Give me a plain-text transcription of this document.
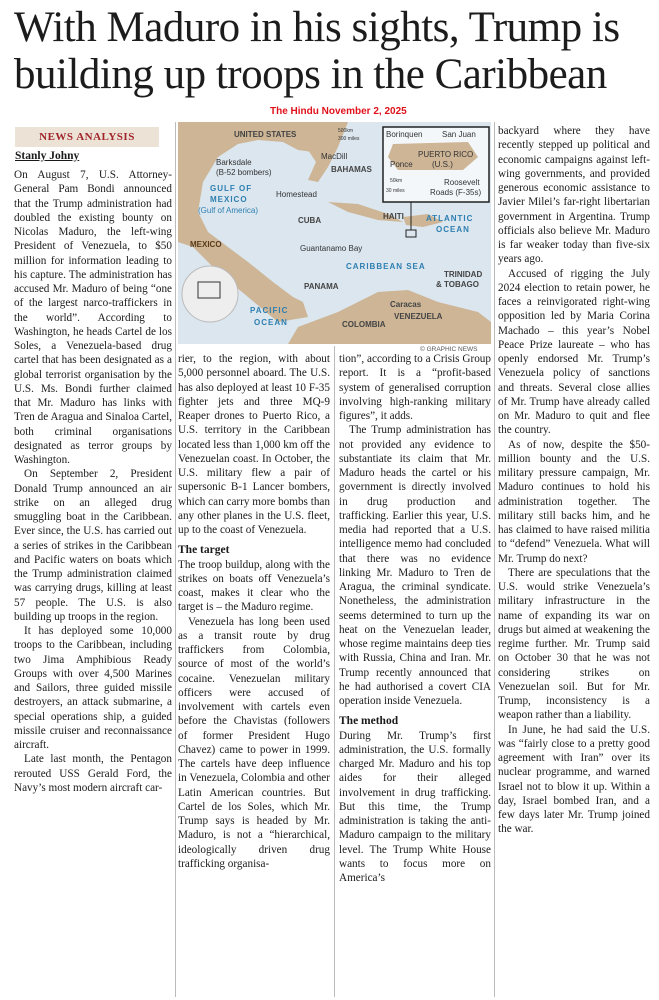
With Maduro in his sights, Trump is building up troops in the Caribbean
The Hindu November 2, 2025
NEWS ANALYSIS
Stanly Johny
UNITED STATES	500km
300 miles
Barksdale
(B-52 bombers)
MacDill
BAHAMAS
Homestead
GULF OF
MEXICO
(Gulf of America)
CUBA
MEXICO	Guantanamo Bay
HAITI	ATLANTIC
OCEAN
CARIBBEAN SEA
PANAMA
TRINIDAD
& TOBAGO
Caracas
VENEZUELA
COLOMBIA
PACIFIC
OCEAN
Borinquen San Juan
PUERTO RICO
(U.S.)
Ponce
50km
30 miles
Roosevelt
Roads (F-35s)
© GRAPHIC NEWS

On August 7, U.S. Attorney-General Pam Bondi announced that the Trump administration had doubled the existing bounty on Nicolas Maduro, the left-wing President of Venezuela, to $50 million for information leading to his capture. The administration has accused Mr. Maduro of being “one of the largest narco-traffickers in the world”. According to Washington, he heads Cartel de los Soles, a Venezuela-based drug cartel that has been designated as a global terrorist organisation by the U.S. Ms. Bondi further claimed that Mr. Maduro has links with Tren de Aragua and Sinaloa Cartel, both criminal organisations designated as terror groups by Washington.

On September 2, President Donald Trump announced an air strike on an alleged drug smuggling boat in the Caribbean. Ever since, the U.S. has carried out a series of strikes in the Caribbean and Pacific waters on boats which the Trump administration claimed was carrying drugs, killing at least 57 people. The U.S. is also building up troops in the region.

It has deployed some 10,000 troops to the Caribbean, including two Jima Amphibious Ready Groups with over 4,500 Marines and Sailors, three guided missile destroyers, an attack submarine, a special operations ship, a guided missile cruiser and reconnaissance aircraft.

Late last month, the Pentagon rerouted USS Gerald Ford, the Navy’s most modern aircraft car-

rier, to the region, with about 5,000 personnel aboard. The U.S. has also deployed at least 10 F-35 fighter jets and three MQ-9 Reaper drones to Puerto Rico, a U.S. territory in the Caribbean located less than 1,000 km off the Venezuelan coast. In October, the U.S. military flew a pair of supersonic B-1 Lancer bombers, which can carry more bombs than any other planes in the U.S. fleet, up to the coast of Venezuela.

The target

The troop buildup, along with the strikes on boats off Venezuela’s coast, makes it clear who the target is – the Maduro regime.

Venezuela has long been used as a transit route by drug traffickers from Colombia, source of most of the world’s cocaine. Venezuelan military officers were accused of involvement with cartels even before the Chavistas (followers of former President Hugo Chavez) came to power in 1999. The cartels have deep influence in Venezuela, Colombia and other Latin American countries. But Cartel de los Soles, which Mr. Trump says is headed by Mr. Maduro, is not a “hierarchical, ideologically driven drug trafficking organisa-

tion”, according to a Crisis Group report. It is a “profit-based system of generalised corruption involving high-ranking military figures”, it adds.

The Trump administration has not provided any evidence to substantiate its claim that Mr. Maduro heads the cartel or his government is directly involved in drug production and trafficking. Earlier this year, U.S. media had reported that a U.S. intelligence memo had concluded that there was no evidence linking Mr. Maduro to Tren de Aragua, the criminal syndicate. Nonetheless, the administration seems determined to turn up the heat on the Venezuelan leader, whose regime maintains deep ties with Russia, China and Iran. Mr. Trump recently announced that he had authorised a covert CIA operation inside Venezuela.

The method

During Mr. Trump’s first administration, the U.S. formally charged Mr. Maduro and his top aides for their alleged involvement in drug trafficking. But this time, the Trump administration is taking the anti-Maduro campaign to the military level. The Trump White House wants to focus more on America’s

backyard where they have recently stepped up political and economic campaigns against left-wing governments, and provided generous economic assistance to Javier Milei’s far-right libertarian government in Argentina. Trump officials also believe Mr. Maduro is far weaker today than five-six years ago.

Accused of rigging the July 2024 election to retain power, he faces a reinvigorated right-wing opposition led by Maria Corina Machado – this year’s Nobel Peace Prize laureate – who has openly endorsed Mr. Trump’s Venezuela policy of sanctions and threats. Several close allies of Mr. Trump have already called on Mr. Maduro to quit and flee the country.

As of now, despite the $50-million bounty and the U.S. military pressure campaign, Mr. Maduro continues to hold his administration together. The military still backs him, and he has claimed to have raised militia to “defend” Venezuela. What will Mr. Trump do next?

There are speculations that the U.S. would strike Venezuela’s military infrastructure in the name of expanding its war on drugs but aimed at weakening the regime further. Mr. Trump said on October 30 that he was not considering strikes on Venezuelan soil. But for Mr. Trump, inconsistency is a weapon rather than a liability.

In June, he had said the U.S. was “fairly close to a pretty good agreement with Iran” over its nuclear programme, and warned Israel not to blow it up. Within a day, Israel bombed Iran, and a few days later Mr. Trump joined the war.
